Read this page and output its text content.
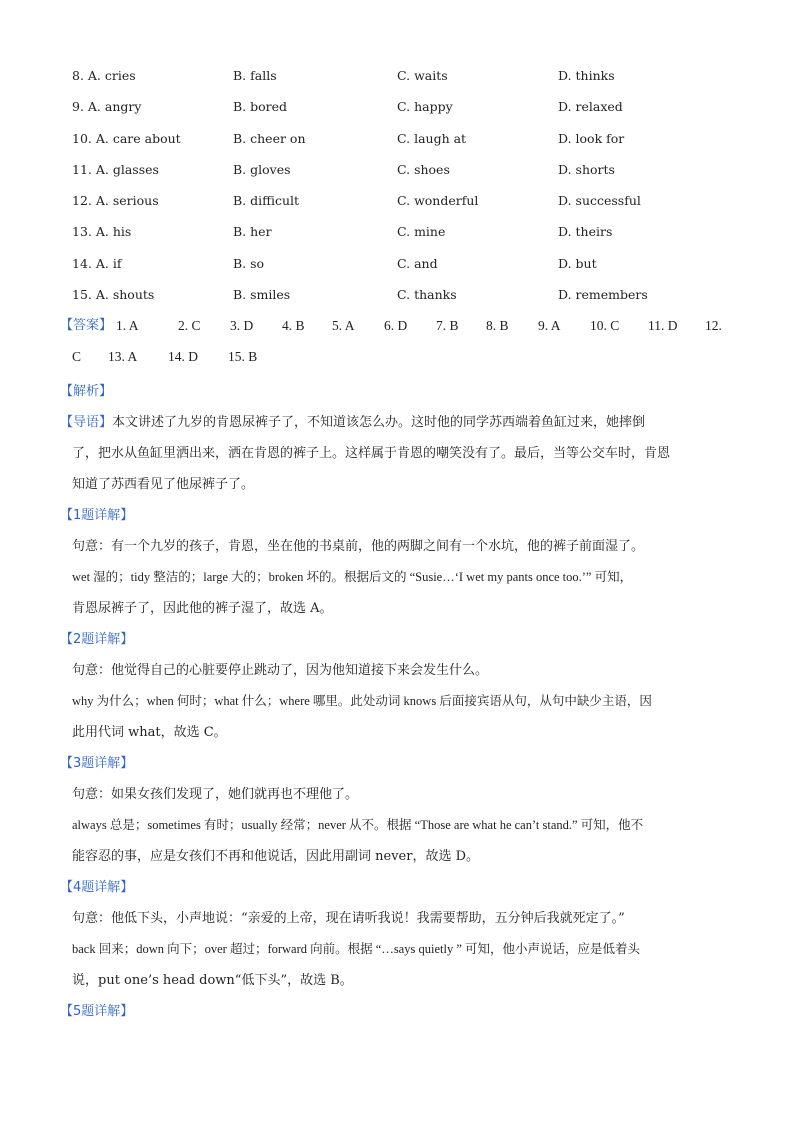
8. A. cries	B. falls	C. waits	D. thinks
9. A. angry	B. bored	C. happy	D. relaxed
10. A. care about	B. cheer on	C. laugh at	D. look for
11. A. glasses	B. gloves	C. shoes	D. shorts
12. A. serious	B. difficult	C. wonderful	D. successful
13. A. his	B. her	C. mine	D. theirs
14. A. if	B. so	C. and	D. but
15. A. shouts	B. smiles	C. thanks	D. remembers
【答案】 1. A	2. C 3. D 4. B 5. A 6. D 7. B 8. B 9. A 10. C 11. D 12.
C 13. A 14. D 15. B
【解析】
【导语】本文讲述了九岁的肯恩尿裤子了，不知道该怎么办。这时他的同学苏西端着鱼缸过来，她摔倒
了，把水从鱼缸里洒出来，洒在肯恩的裤子上。这样属于肯恩的嘲笑没有了。最后，当等公交车时，肯恩
知道了苏西看见了他尿裤子了。
【1题详解】
句意：有一个九岁的孩子，肯恩，坐在他的书桌前，他的两脚之间有一个水坑，他的裤子前面湿了。
wet 湿的；tidy 整洁的；large 大的；broken 坏的。根据后文的 “Susie…‘I wet my pants once too.’” 可知，
肯恩尿裤子了，因此他的裤子湿了，故选 A。
【2题详解】
句意：他觉得自己的心脏要停止跳动了，因为他知道接下来会发生什么。
why 为什么；when 何时；what 什么；where 哪里。此处动词 knows 后面接宾语从句，从句中缺少主语，因
此用代词 what，故选 C。
【3题详解】
句意：如果女孩们发现了，她们就再也不理他了。
always 总是；sometimes 有时；usually 经常；never 从不。根据 “Those are what he can’t stand.” 可知，他不
能容忍的事，应是女孩们不再和他说话，因此用副词 never，故选 D。
【4题详解】
句意：他低下头，小声地说：“亲爱的上帝，现在请听我说！我需要帮助，五分钟后我就死定了。”
back 回来；down 向下；over 超过；forward 向前。根据 “…says quietly ” 可知，他小声说话，应是低着头
说，put one’s head down“低下头”，故选 B。
【5题详解】
